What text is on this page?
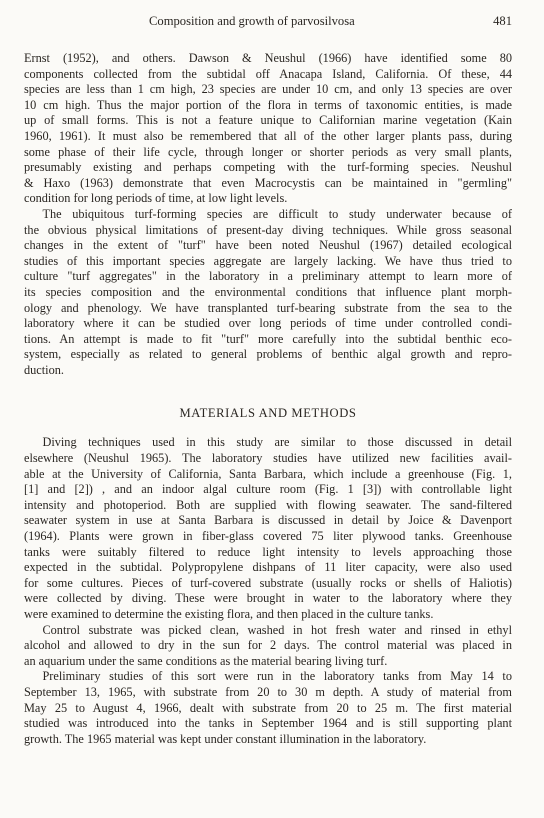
Composition and growth of parvosilvosa	481
Ernst (1952), and others. Dawson & Neushul (1966) have identified some 80
components collected from the subtidal off Anacapa Island, California. Of these, 44
species are less than 1 cm high, 23 species are under 10 cm, and only 13 species are over
10 cm high. Thus the major portion of the flora in terms of taxonomic entities, is made
up of small forms. This is not a feature unique to Californian marine vegetation (Kain
1960, 1961). It must also be remembered that all of the other larger plants pass, during
some phase of their life cycle, through longer or shorter periods as very small plants,
presumably existing and perhaps competing with the turf-forming species. Neushul
& Haxo (1963) demonstrate that even Macrocystis can be maintained in "germling"
condition for long periods of time, at low light levels.
  The ubiquitous turf-forming species are difficult to study underwater because of
the obvious physical limitations of present-day diving techniques. While gross seasonal
changes in the extent of "turf" have been noted Neushul (1967) detailed ecological
studies of this important species aggregate are largely lacking. We have thus tried to
culture "turf aggregates" in the laboratory in a preliminary attempt to learn more of
its species composition and the environmental conditions that influence plant morph-
ology and phenology. We have transplanted turf-bearing substrate from the sea to the
laboratory where it can be studied over long periods of time under controlled condi-
tions. An attempt is made to fit "turf" more carefully into the subtidal benthic eco-
system, especially as related to general problems of benthic algal growth and repro-
duction.
MATERIALS AND METHODS
  Diving techniques used in this study are similar to those discussed in detail
elsewhere (Neushul 1965). The laboratory studies have utilized new facilities avail-
able at the University of California, Santa Barbara, which include a greenhouse (Fig. 1,
[1] and [2]) , and an indoor algal culture room (Fig. 1 [3]) with controllable light
intensity and photoperiod. Both are supplied with flowing seawater. The sand-filtered
seawater system in use at Santa Barbara is discussed in detail by Joice & Davenport
(1964). Plants were grown in fiber-glass covered 75 liter plywood tanks. Greenhouse
tanks were suitably filtered to reduce light intensity to levels approaching those
expected in the subtidal. Polypropylene dishpans of 11 liter capacity, were also used
for some cultures. Pieces of turf-covered substrate (usually rocks or shells of Haliotis)
were collected by diving. These were brought in water to the laboratory where they
were examined to determine the existing flora, and then placed in the culture tanks.
  Control substrate was picked clean, washed in hot fresh water and rinsed in ethyl
alcohol and allowed to dry in the sun for 2 days. The control material was placed in
an aquarium under the same conditions as the material bearing living turf.
  Preliminary studies of this sort were run in the laboratory tanks from May 14 to
September 13, 1965, with substrate from 20 to 30 m depth. A study of material from
May 25 to August 4, 1966, dealt with substrate from 20 to 25 m. The first material
studied was introduced into the tanks in September 1964 and is still supporting plant
growth. The 1965 material was kept under constant illumination in the laboratory.
